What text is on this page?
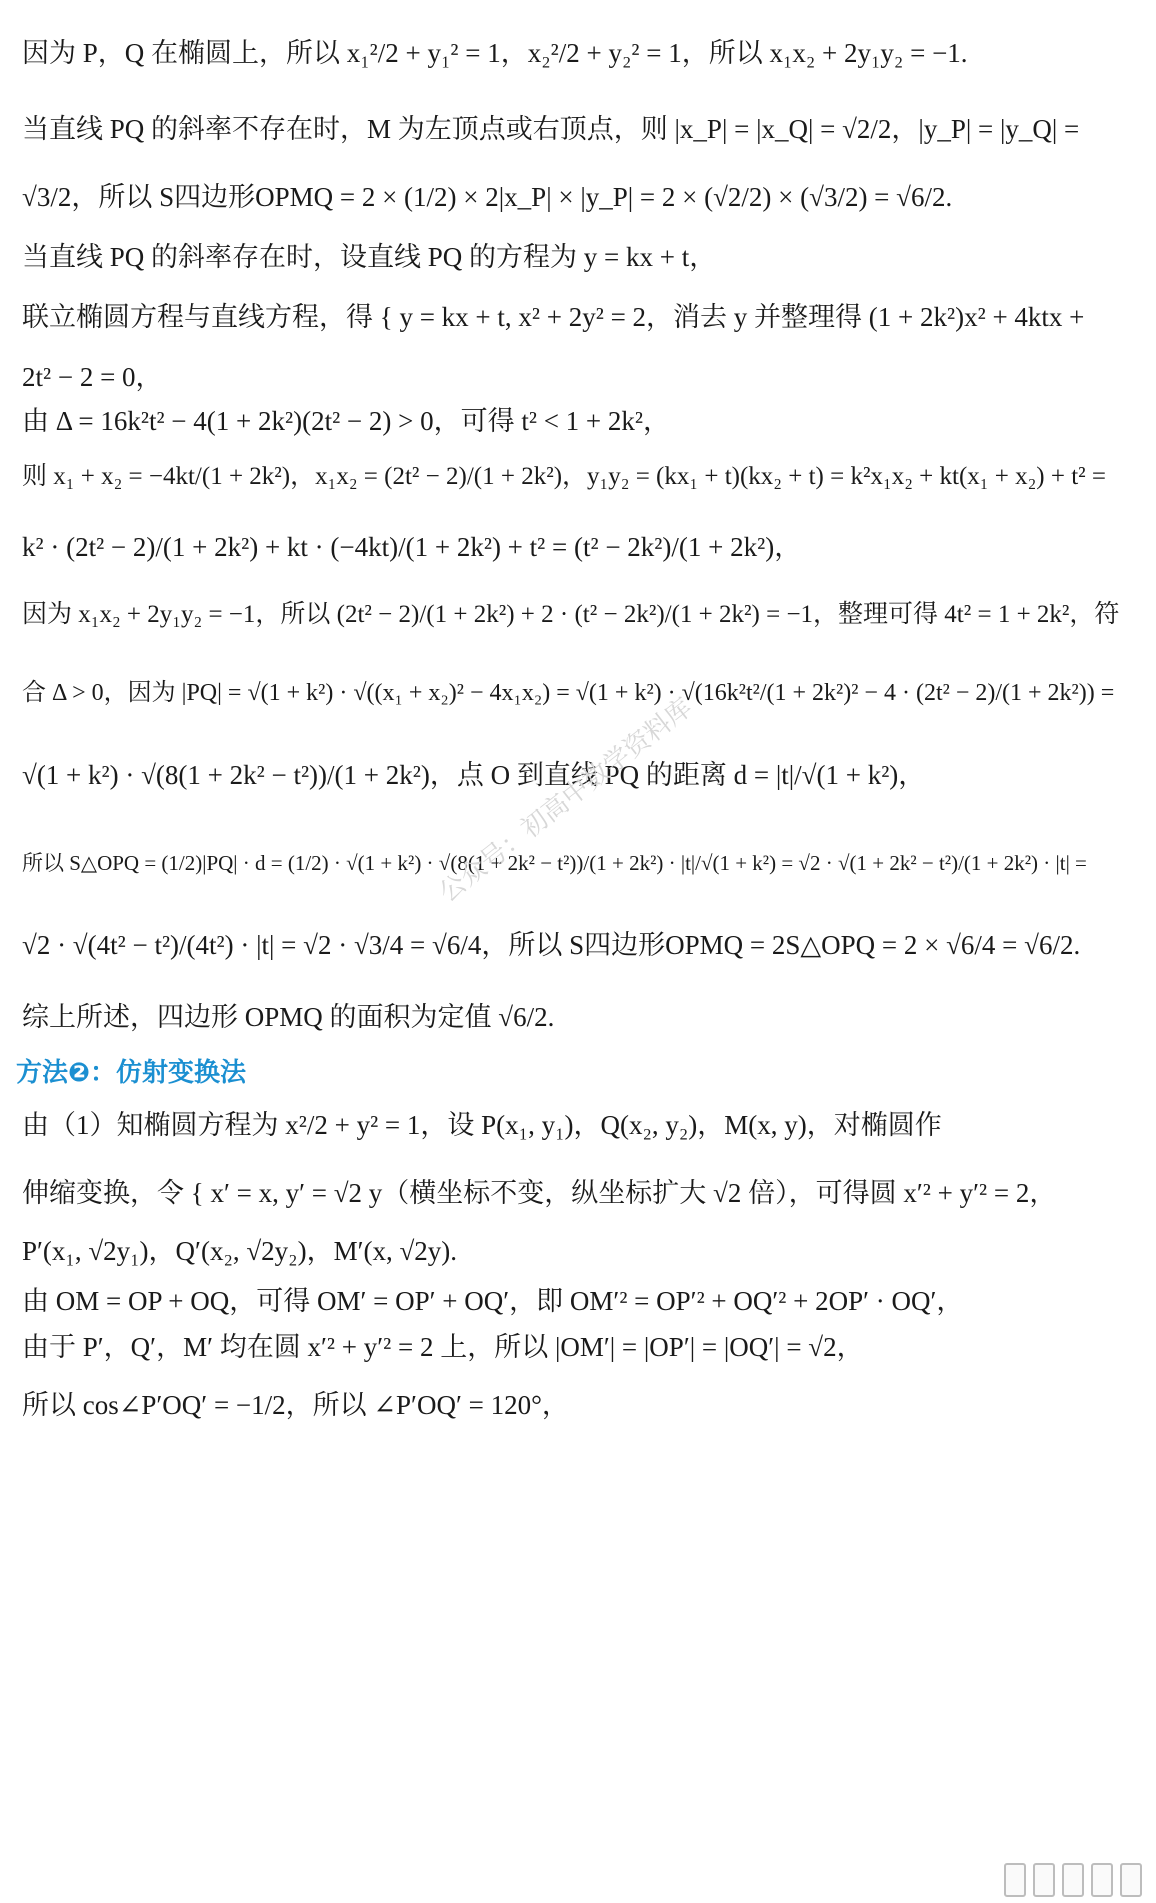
因为 P，Q 在椭圆上，所以 x₁²/2 + y₁² = 1，x₂²/2 + y₂² = 1，所以 x₁x₂ + 2y₁y₂ = −1.
当直线 PQ 的斜率不存在时，M 为左顶点或右顶点，则 |x_P| = |x_Q| = √2/2，|y_P| = |y_Q| =
√3/2，所以 S四边形OPMQ = 2 × (1/2) × 2|x_P| × |y_P| = 2 × (√2/2) × (√3/2) = √6/2.
当直线 PQ 的斜率存在时，设直线 PQ 的方程为 y = kx + t，
联立椭圆方程与直线方程，得 { y = kx + t, x² + 2y² = 2，消去 y 并整理得 (1 + 2k²)x² + 4ktx +
2t² − 2 = 0，
由 Δ = 16k²t² − 4(1 + 2k²)(2t² − 2) > 0，可得 t² < 1 + 2k²，
则 x₁ + x₂ = −4kt/(1 + 2k²)，x₁x₂ = (2t² − 2)/(1 + 2k²)，y₁y₂ = (kx₁ + t)(kx₂ + t) = k²x₁x₂ + kt(x₁ + x₂) + t² =
k² · (2t² − 2)/(1 + 2k²) + kt · (−4kt)/(1 + 2k²) + t² = (t² − 2k²)/(1 + 2k²)，
因为 x₁x₂ + 2y₁y₂ = −1，所以 (2t² − 2)/(1 + 2k²) + 2 · (t² − 2k²)/(1 + 2k²) = −1，整理可得 4t² = 1 + 2k²，符
合 Δ > 0，因为 |PQ| = √(1 + k²) · √((x₁ + x₂)² − 4x₁x₂) = √(1 + k²) · √(16k²t²/(1 + 2k²)² − 4 · (2t² − 2)/(1 + 2k²)) =
√(1 + k²) · √(8(1 + 2k² − t²))/(1 + 2k²)，点 O 到直线 PQ 的距离 d = |t|/√(1 + k²)，
所以 S△OPQ = (1/2)|PQ| · d = (1/2) · √(1 + k²) · √(8(1 + 2k² − t²))/(1 + 2k²) · |t|/√(1 + k²) = √2 · √(1 + 2k² − t²)/(1 + 2k²) · |t| =
√2 · √(4t² − t²)/(4t²) · |t| = √2 · √3/4 = √6/4，所以 S四边形OPMQ = 2S△OPQ = 2 × √6/4 = √6/2.
综上所述，四边形 OPMQ 的面积为定值 √6/2.
方法❷：仿射变换法
由（1）知椭圆方程为 x²/2 + y² = 1，设 P(x₁, y₁)，Q(x₂, y₂)，M(x, y)，对椭圆作
伸缩变换，令 { x′ = x, y′ = √2 y（横坐标不变，纵坐标扩大 √2 倍），可得圆 x′² + y′² = 2，
P′(x₁, √2y₁)，Q′(x₂, √2y₂)，M′(x, √2y).
由 OM = OP + OQ，可得 OM′ = OP′ + OQ′，即 OM′² = OP′² + OQ′² + 2OP′ · OQ′，
由于 P′，Q′，M′ 均在圆 x′² + y′² = 2 上，所以 |OM′| = |OP′| = |OQ′| = √2，
所以 cos∠P′OQ′ = −1/2，所以 ∠P′OQ′ = 120°，
公众号：初高中数学资料库
